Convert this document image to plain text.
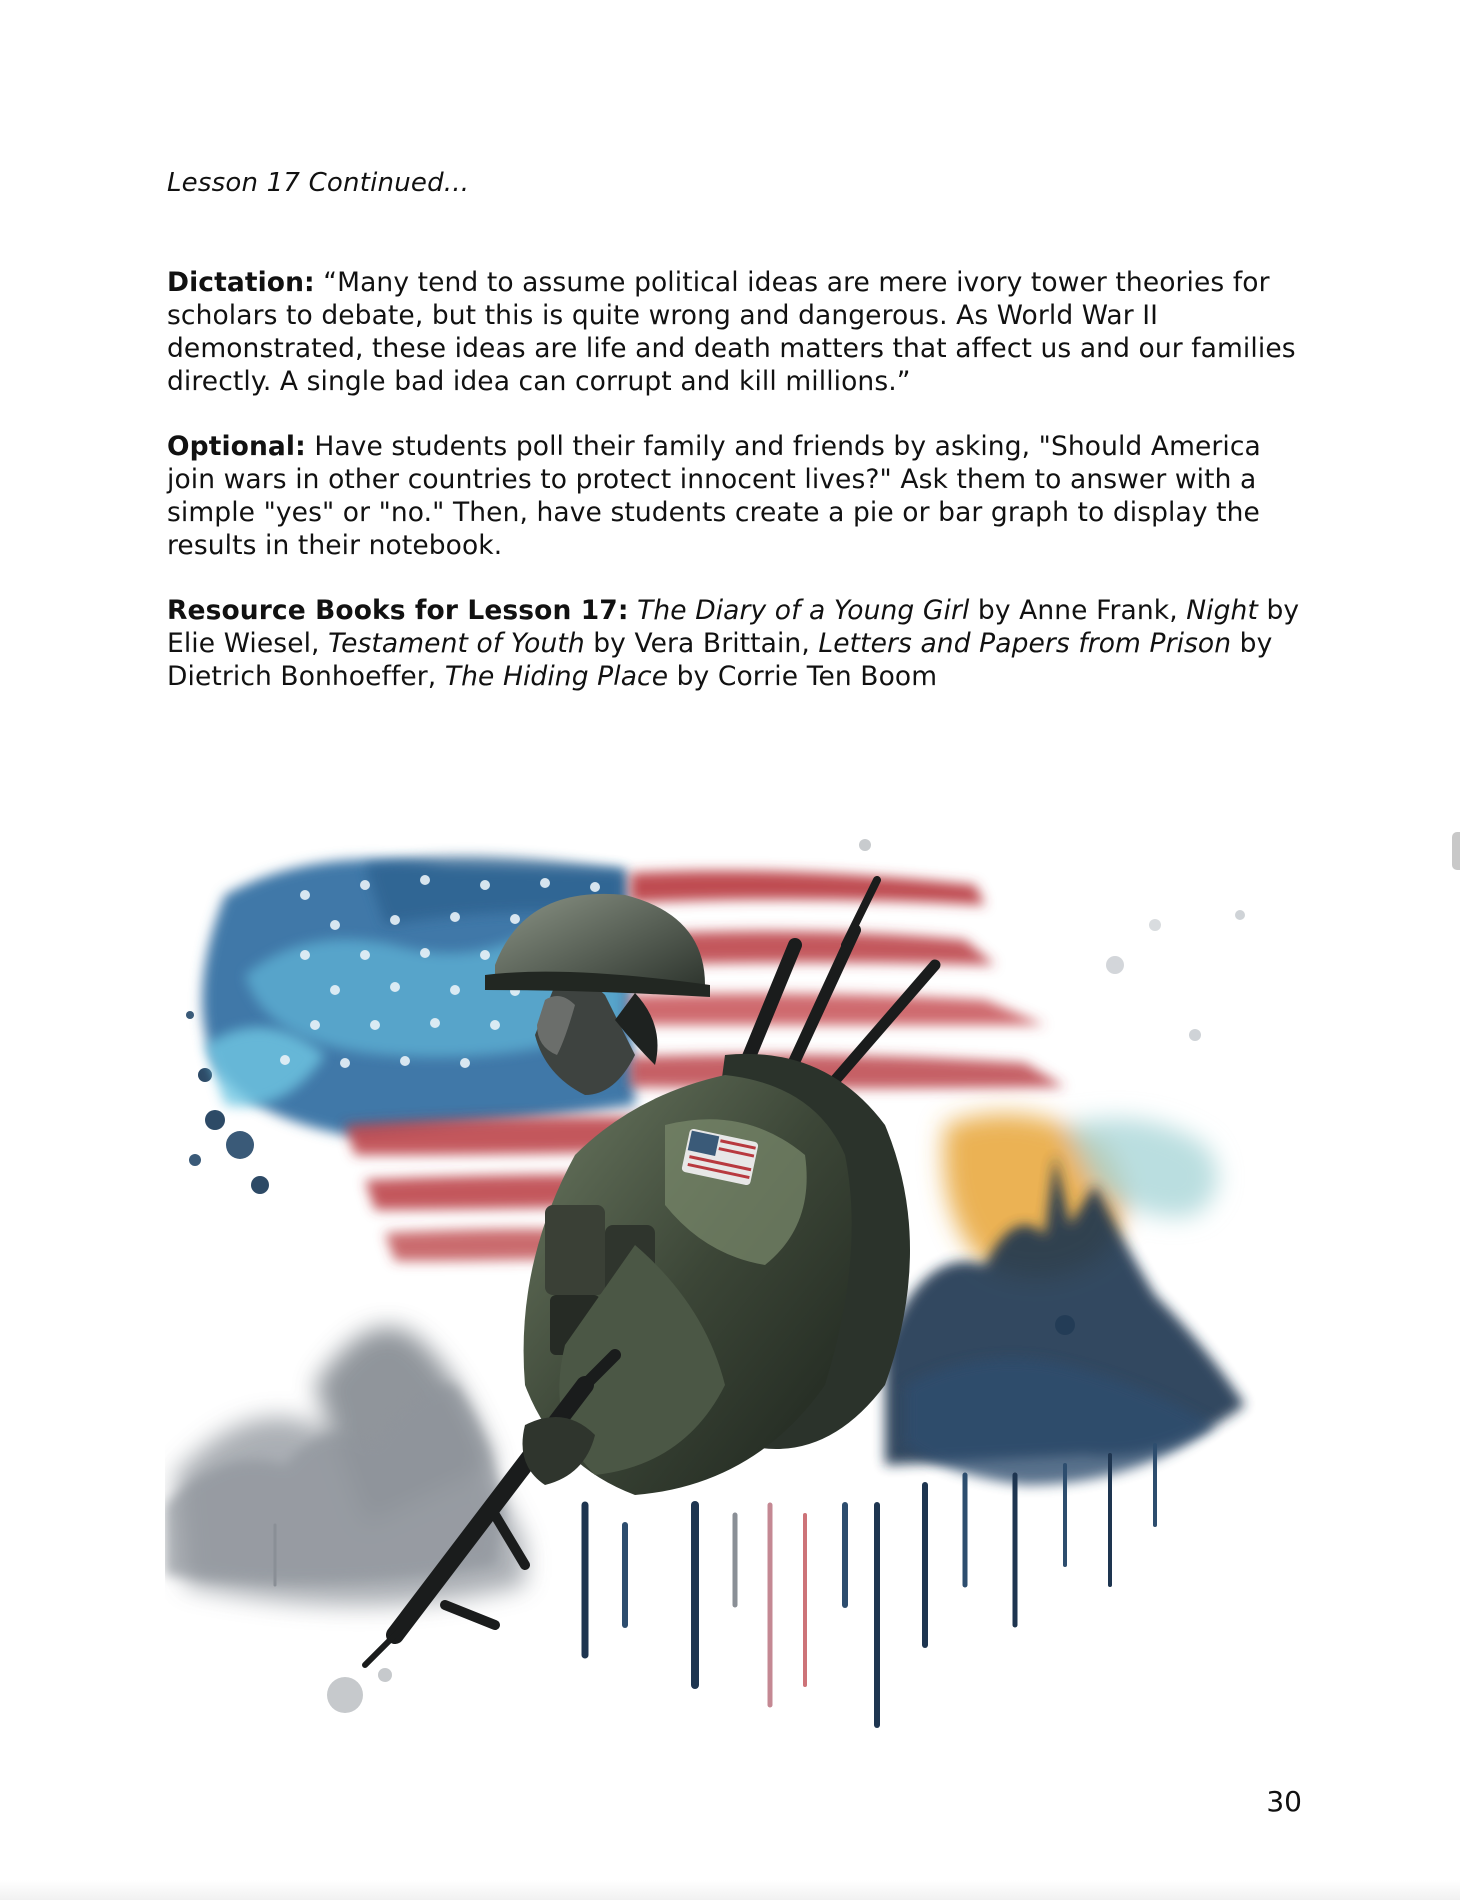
Lesson 17 Continued...
Dictation: “Many tend to assume political ideas are mere ivory tower theories for scholars to debate, but this is quite wrong and dangerous. As World War II demonstrated, these ideas are life and death matters that affect us and our families directly. A single bad idea can corrupt and kill millions.”
Optional: Have students poll their family and friends by asking, "Should America join wars in other countries to protect innocent lives?" Ask them to answer with a simple "yes" or "no." Then, have students create a pie or bar graph to display the results in their notebook.
Resource Books for Lesson 17: The Diary of a Young Girl by Anne Frank, Night by Elie Wiesel, Testament of Youth by Vera Brittain, Letters and Papers from Prison by Dietrich Bonhoeffer, The Hiding Place by Corrie Ten Boom
30
